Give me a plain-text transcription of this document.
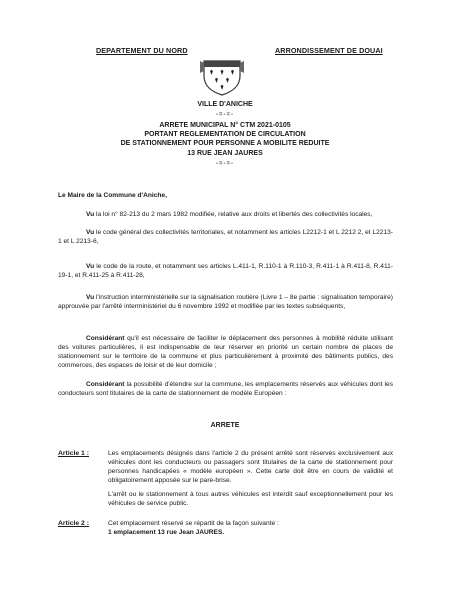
DEPARTEMENT DU NORD	ARRONDISSEMENT DE DOUAI
VILLE D'ANICHE
-=-=-
ARRETE MUNICIPAL N° CTM 2021-0105
PORTANT REGLEMENTATION DE CIRCULATION
DE STATIONNEMENT POUR PERSONNE A MOBILITE REDUITE
13 RUE JEAN JAURES
-=-=-
Le Maire de la Commune d'Aniche,
Vu la loi n° 82-213 du 2 mars 1982 modifiée, relative aux droits et libertés des collectivités locales,
Vu le code général des collectivités territoriales, et notamment les articles L2212-1 et L 2212 2, et L2213-1 et L 2213-6,
Vu le code de la route, et notamment ses articles L.411-1, R.110-1 à R.110-3, R.411-1 à R.411-8, R.411-19-1, et R.411-25 à R.411-28,
Vu l'instruction interministérielle sur la signalisation routière (Livre 1 – 8e partie : signalisation temporaire) approuvée par l'arrêté interministériel du 6 novembre 1992 et modifiée par les textes subséquents,
Considérant qu'il est nécessaire de faciliter le déplacement des personnes à mobilité réduite utilisant des voitures particulières, il est indispensable de leur réserver en priorité un certain nombre de places de stationnement sur le territoire de la commune et plus particulièrement à proximité des bâtiments publics, des commerces, des espaces de loisir et de leur domicile ;
Considérant la possibilité d'étendre sur la commune, les emplacements réservés aux véhicules dont les conducteurs sont titulaires de la carte de stationnement de modèle Européen :
ARRETE
Article 1 :	Les emplacements désignés dans l'article 2 du présent arrêté sont réservés exclusivement aux véhicules dont les conducteurs ou passagers sont titulaires de la carte de stationnement pour personnes handicapées « modèle européen ». Cette carte doit être en cours de validité et obligatoirement apposée sur le pare-brise.
L'arrêt ou le stationnement à tous autres véhicules est interdit sauf exceptionnellement pour les véhicules de service public.
Article 2 :	Cet emplacement réservé se répartit de la façon suivante :
1 emplacement 13 rue Jean JAURES.
